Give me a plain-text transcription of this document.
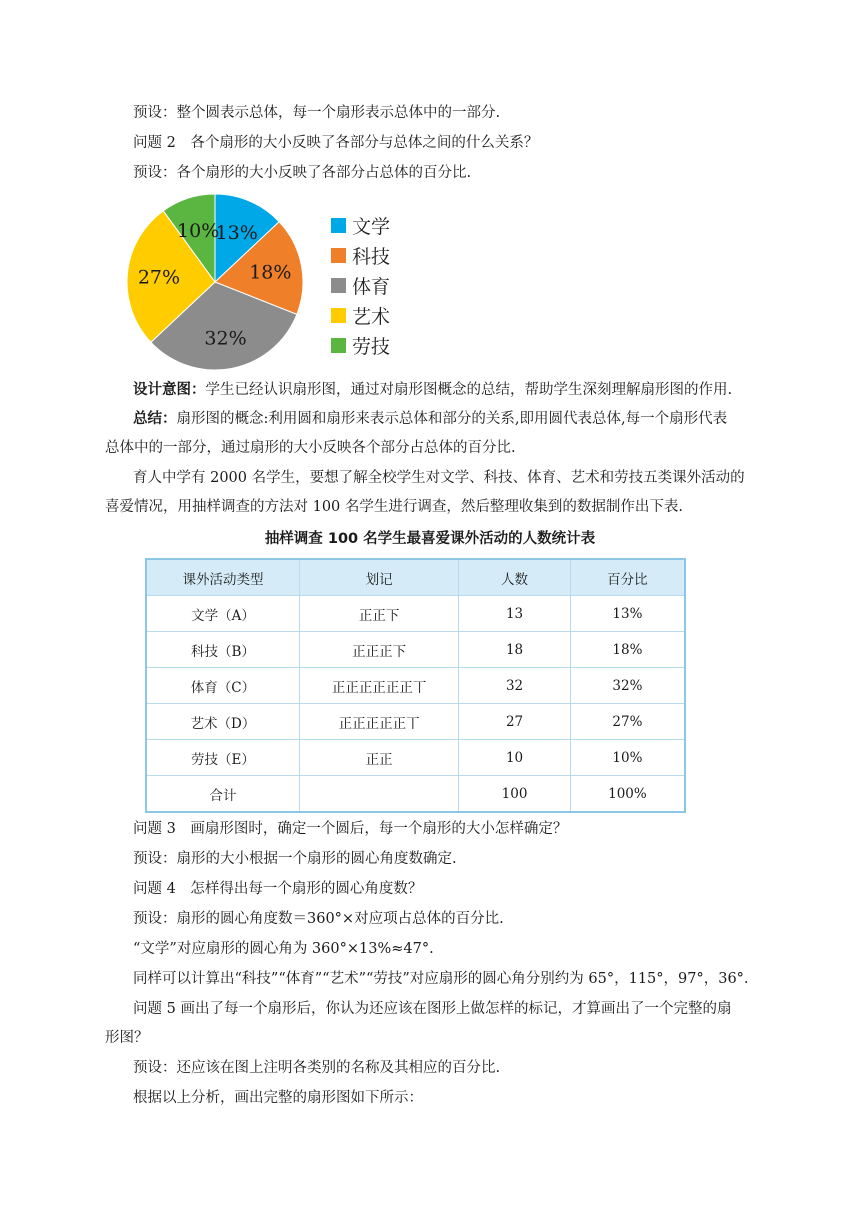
预设：整个圆表示总体，每一个扇形表示总体中的一部分.
问题 2　各个扇形的大小反映了各部分与总体之间的什么关系？
预设：各个扇形的大小反映了各部分占总体的百分比.
13%
18%
32%
27%
10%	文学
科技
体育
艺术
劳技
设计意图：学生已经认识扇形图，通过对扇形图概念的总结，帮助学生深刻理解扇形图的作用.
总结：扇形图的概念:利用圆和扇形来表示总体和部分的关系,即用圆代表总体,每一个扇形代表
总体中的一部分，通过扇形的大小反映各个部分占总体的百分比.
育人中学有 2000 名学生，要想了解全校学生对文学、科技、体育、艺术和劳技五类课外活动的
喜爱情况，用抽样调查的方法对 100 名学生进行调查，然后整理收集到的数据制作出下表.
抽样调查 100 名学生最喜爱课外活动的人数统计表
课外活动类型	划记	人数	百分比
文学（A）	正正下	13	13%
科技（B）	正正正下	18	18%
体育（C）	正正正正正正丅	32	32%
艺术（D）	正正正正正丅	27	27%
劳技（E）	正正	10	10%
合计		100	100%
问题 3　画扇形图时，确定一个圆后，每一个扇形的大小怎样确定？
预设：扇形的大小根据一个扇形的圆心角度数确定.
问题 4　怎样得出每一个扇形的圆心角度数？
预设：扇形的圆心角度数＝360°×对应项占总体的百分比.
“文学”对应扇形的圆心角为 360°×13%≈47°.
同样可以计算出“科技”“体育”“艺术”“劳技”对应扇形的圆心角分别约为 65°，115°，97°，36°.
问题 5 画出了每一个扇形后，你认为还应该在图形上做怎样的标记，才算画出了一个完整的扇
形图？
预设：还应该在图上注明各类别的名称及其相应的百分比.
根据以上分析，画出完整的扇形图如下所示：
